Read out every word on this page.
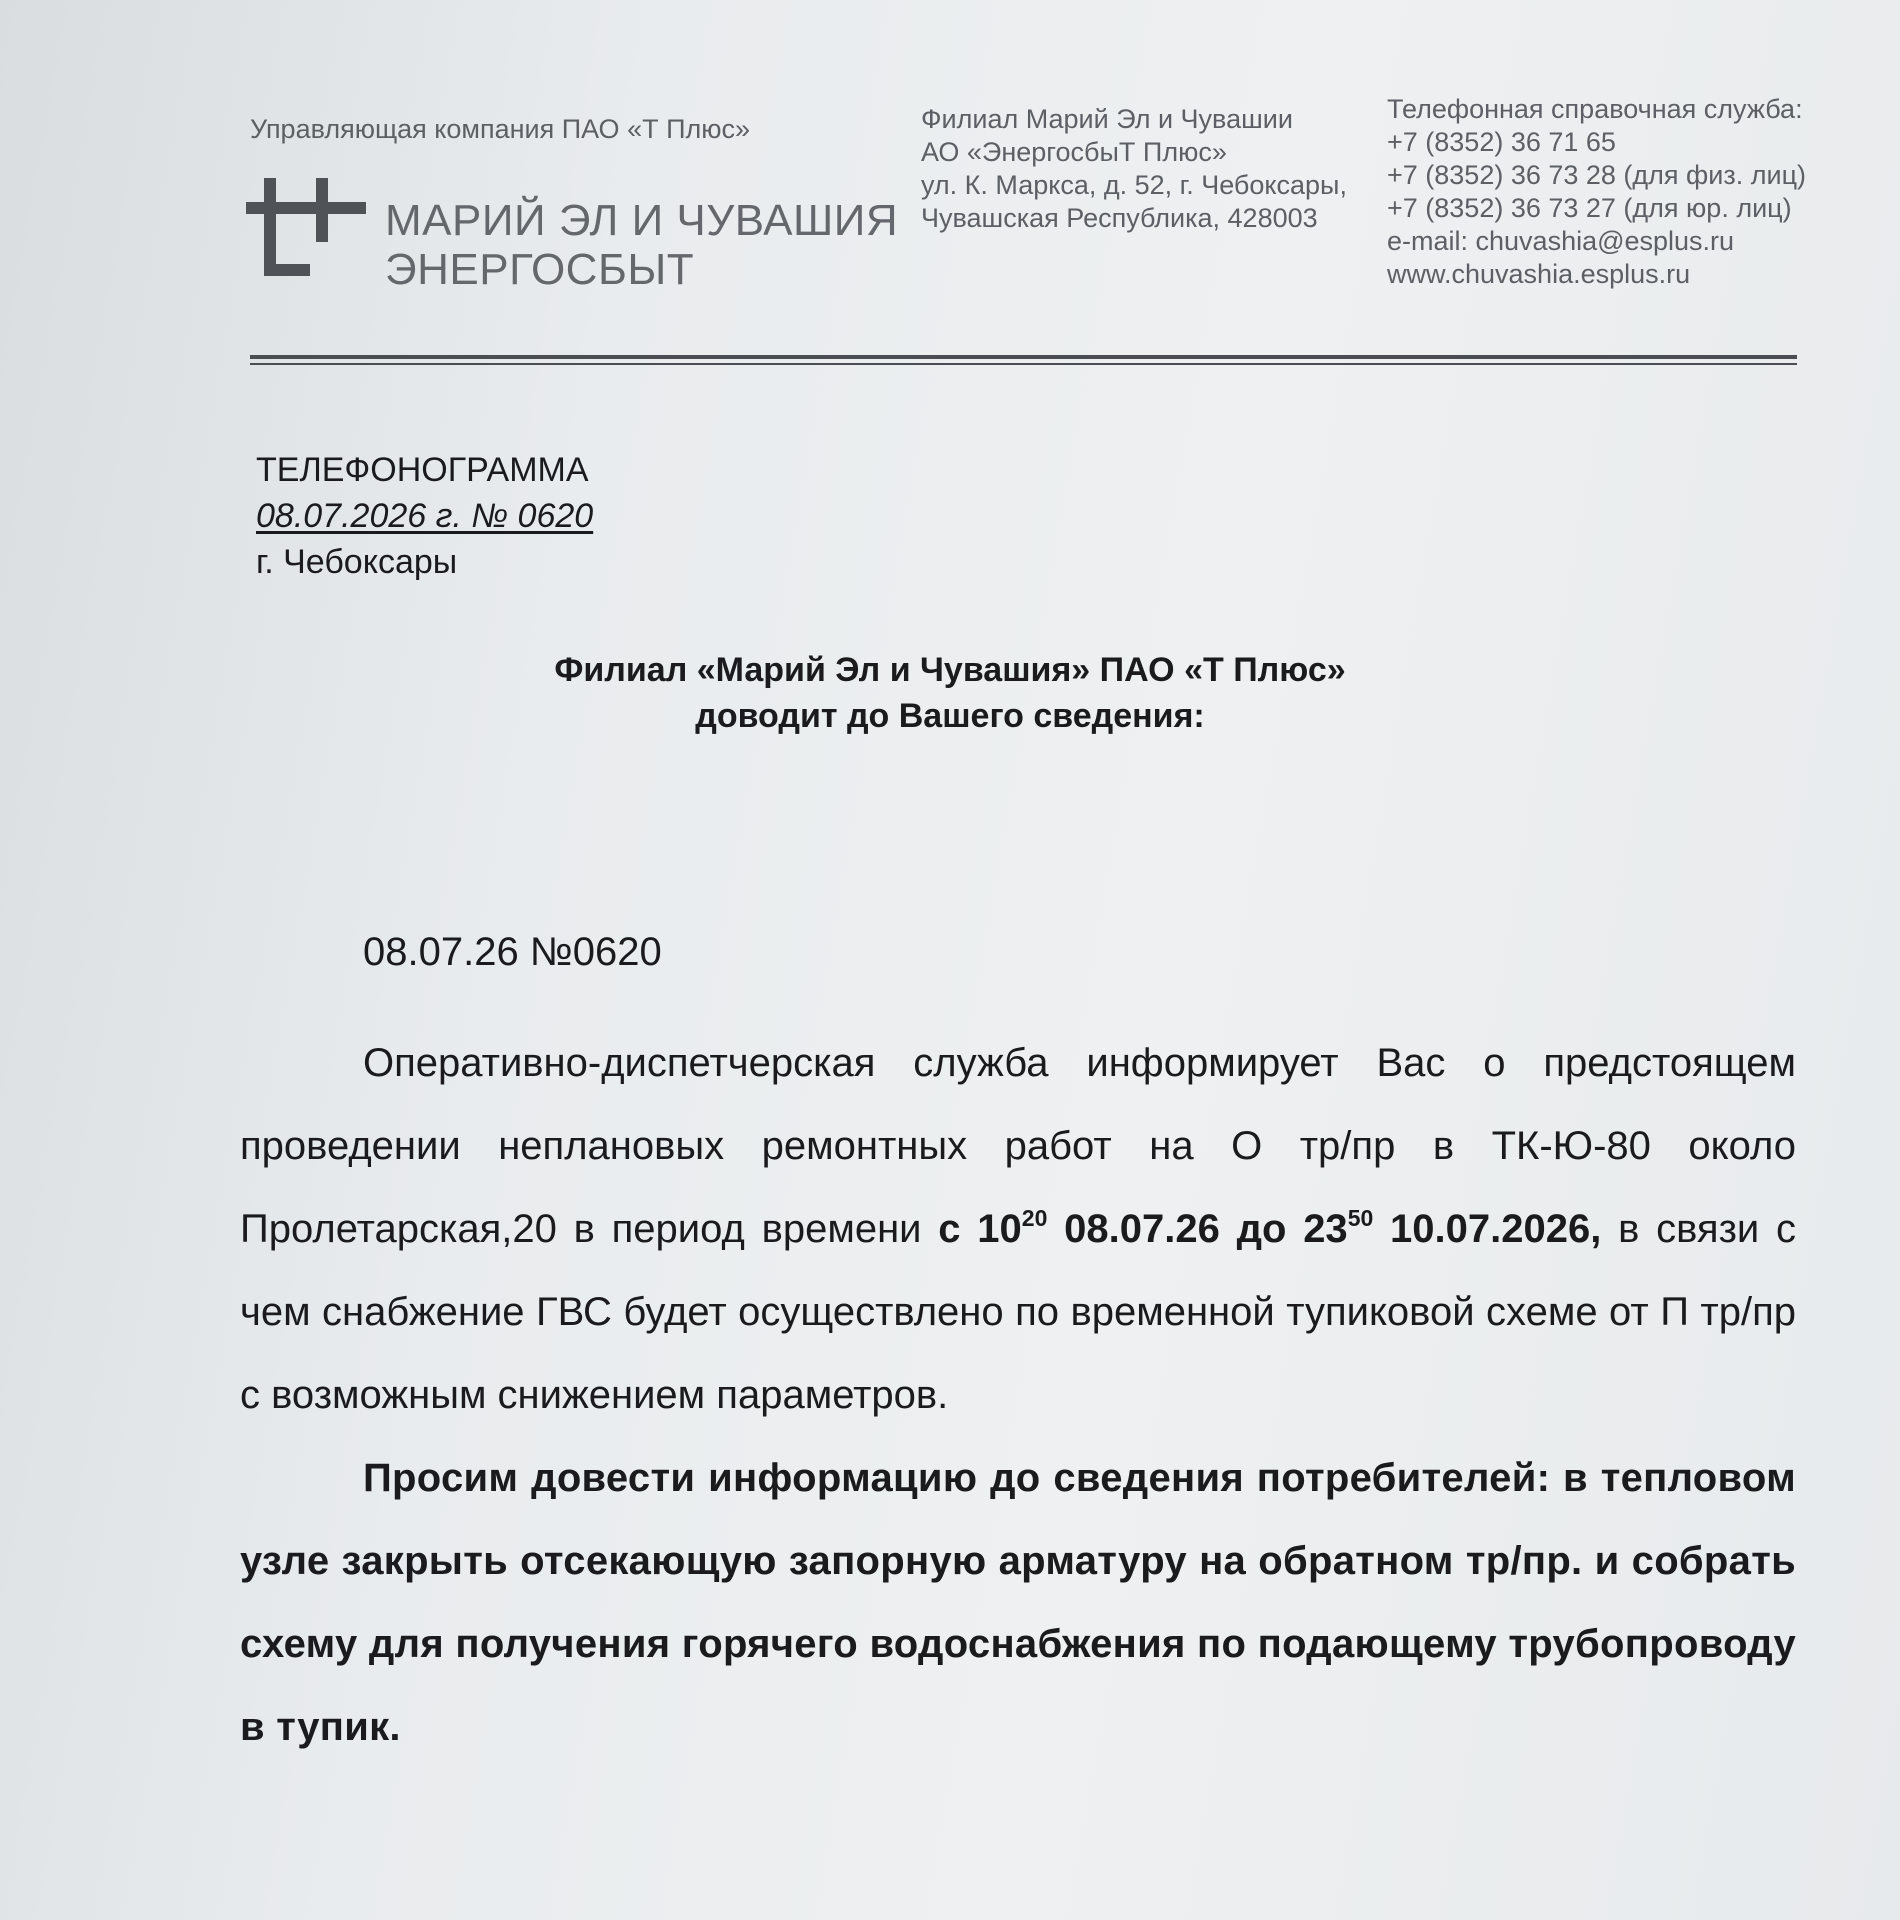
Управляющая компания ПАО «Т Плюс»
МАРИЙ ЭЛ И ЧУВАШИЯ
ЭНЕРГОСБЫТ
Филиал Марий Эл и Чувашии
АО «ЭнергосбыТ Плюс»
ул. К. Маркса, д. 52, г. Чебоксары,
Чувашская Республика, 428003
Телефонная справочная служба:
+7 (8352) 36 71 65
+7 (8352) 36 73 28 (для физ. лиц)
+7 (8352) 36 73 27 (для юр. лиц)
e-mail: chuvashia@esplus.ru
www.chuvashia.esplus.ru
ТЕЛЕФОНОГРАММА
08.07.2026 г. № 0620
г. Чебоксары
Филиал «Марий Эл и Чувашия» ПАО «Т Плюс»
доводит до Вашего сведения:
08.07.26 №0620

Оперативно-диспетчерская служба информирует Вас о предстоящем проведении неплановых ремонтных работ на О тр/пр в ТК-Ю-80 около Пролетарская,20 в период времени с $10^{20}$ 08.07.26 до $23^{50}$ 10.07.2026, в связи с чем снабжение ГВС будет осуществлено по временной тупиковой схеме от П тр/пр с возможным снижением параметров.

Просим довести информацию до сведения потребителей: в тепловом узле закрыть отсекающую запорную арматуру на обратном тр/пр. и собрать схему для получения горячего водоснабжения по подающему трубопроводу в тупик.
